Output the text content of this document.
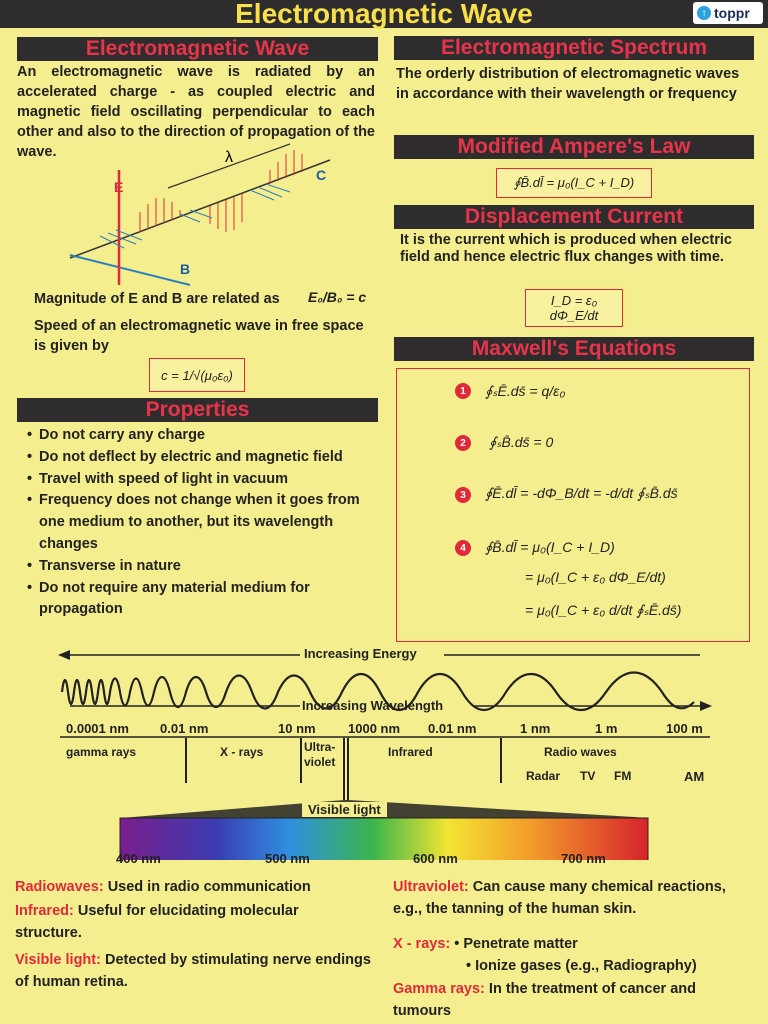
Electromagnetic Wave	↑ toppr
Electromagnetic Wave
An electromagnetic wave is radiated by an accelerated charge - as coupled electric and magnetic field oscillating perpendicular to each other and also to the direction of propagation of the wave.	λ
C
E
B
Magnitude of E and B are related as	E₀/B₀ = c
Speed of an electromagnetic wave in free space is given by
c = 1/√(μ₀ε₀)
Properties
• Do not carry any charge
• Do not deflect by electric and magnetic field
• Travel with speed of light in vacuum
• Frequency does not change when it goes from one medium to another, but its wavelength changes
• Transverse in nature
• Do not require any material medium for propagation
Electromagnetic Spectrum
The orderly distribution of electromagnetic waves in accordance with their wavelength or frequency
Modified Ampere's Law
∮B̄.dl̄ = μ₀(I_C + I_D)
Displacement Current
It is the current which is produced when electric field and hence electric flux changes with time.
I_D = ε₀ dΦ_E/dt
Maxwell's Equations
1	∮ₛĒ.ds̄ = q/ε₀
2	∮ₛB̄.ds̄ = 0
3	∮Ē.dl̄ = -dΦ_B/dt = -d/dt ∮ₛB̄.ds̄
4	∮B̄.dl̄ = μ₀(I_C + I_D)
= μ₀(I_C + ε₀ dΦ_E/dt)
= μ₀(I_C + ε₀ d/dt ∮ₛĒ.ds̄)
Increasing Energy
Increasing Wavelength
0.0001 nm 0.01 nm	10 nm 1000 nm 0.01 nm	1 nm	1 m	100 m
gamma rays	X - rays	Ultra-violet
Infrared	Radio waves
Radar TV FM	AM
Visible light
400 nm	500 nm	600 nm	700 nm
Radiowaves: Used in radio communication
Infrared: Useful for elucidating molecular structure.
Visible light: Detected by stimulating nerve endings of human retina.
Ultraviolet: Can cause many chemical reactions, e.g., the tanning of the human skin.
X - rays: • Penetrate matter
• Ionize gases (e.g., Radiography)
Gamma rays: In the treatment of cancer and tumours
